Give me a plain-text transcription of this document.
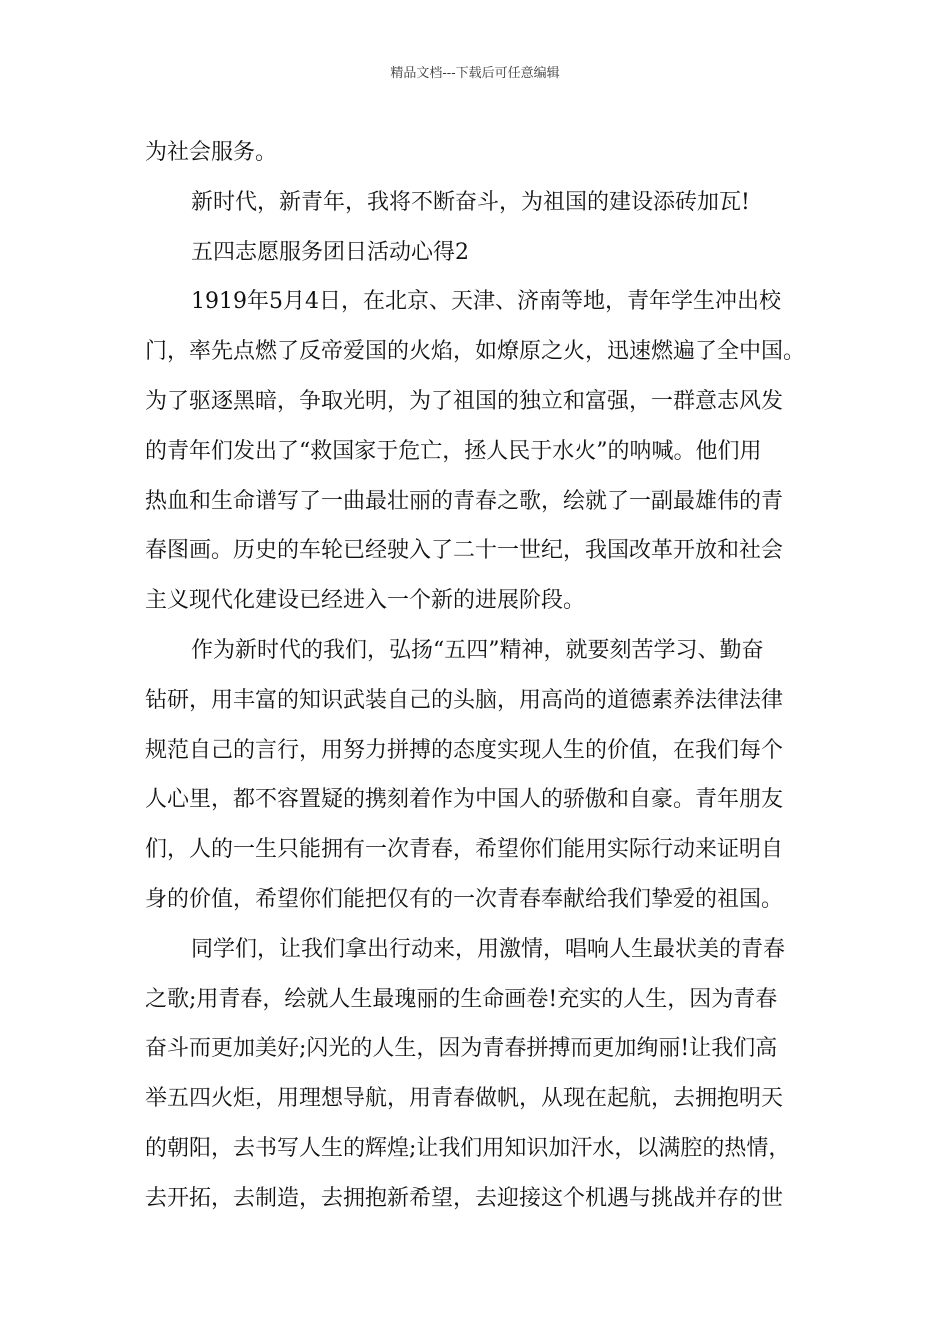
精品文档---下载后可任意编辑
为社会服务。
新时代，新青年，我将不断奋斗，为祖国的建设添砖加瓦!
五四志愿服务团日活动心得2
1919年5月4日，在北京、天津、济南等地，青年学生冲出校
门，率先点燃了反帝爱国的火焰，如燎原之火，迅速燃遍了全中国。
为了驱逐黑暗，争取光明，为了祖国的独立和富强，一群意志风发
的青年们发出了“救国家于危亡，拯人民于水火”的呐喊。他们用
热血和生命谱写了一曲最壮丽的青春之歌，绘就了一副最雄伟的青
春图画。历史的车轮已经驶入了二十一世纪，我国改革开放和社会
主义现代化建设已经进入一个新的进展阶段。
作为新时代的我们，弘扬“五四”精神，就要刻苦学习、勤奋
钻研，用丰富的知识武装自己的头脑，用高尚的道德素养法律法律
规范自己的言行，用努力拼搏的态度实现人生的价值，在我们每个
人心里，都不容置疑的携刻着作为中国人的骄傲和自豪。青年朋友
们，人的一生只能拥有一次青春，希望你们能用实际行动来证明自
身的价值，希望你们能把仅有的一次青春奉献给我们挚爱的祖国。
同学们，让我们拿出行动来，用激情，唱响人生最状美的青春
之歌;用青春，绘就人生最瑰丽的生命画卷!充实的人生，因为青春
奋斗而更加美好;闪光的人生，因为青春拼搏而更加绚丽!让我们高
举五四火炬，用理想导航，用青春做帆，从现在起航，去拥抱明天
的朝阳，去书写人生的辉煌;让我们用知识加汗水，以满腔的热情，
去开拓，去制造，去拥抱新希望，去迎接这个机遇与挑战并存的世
